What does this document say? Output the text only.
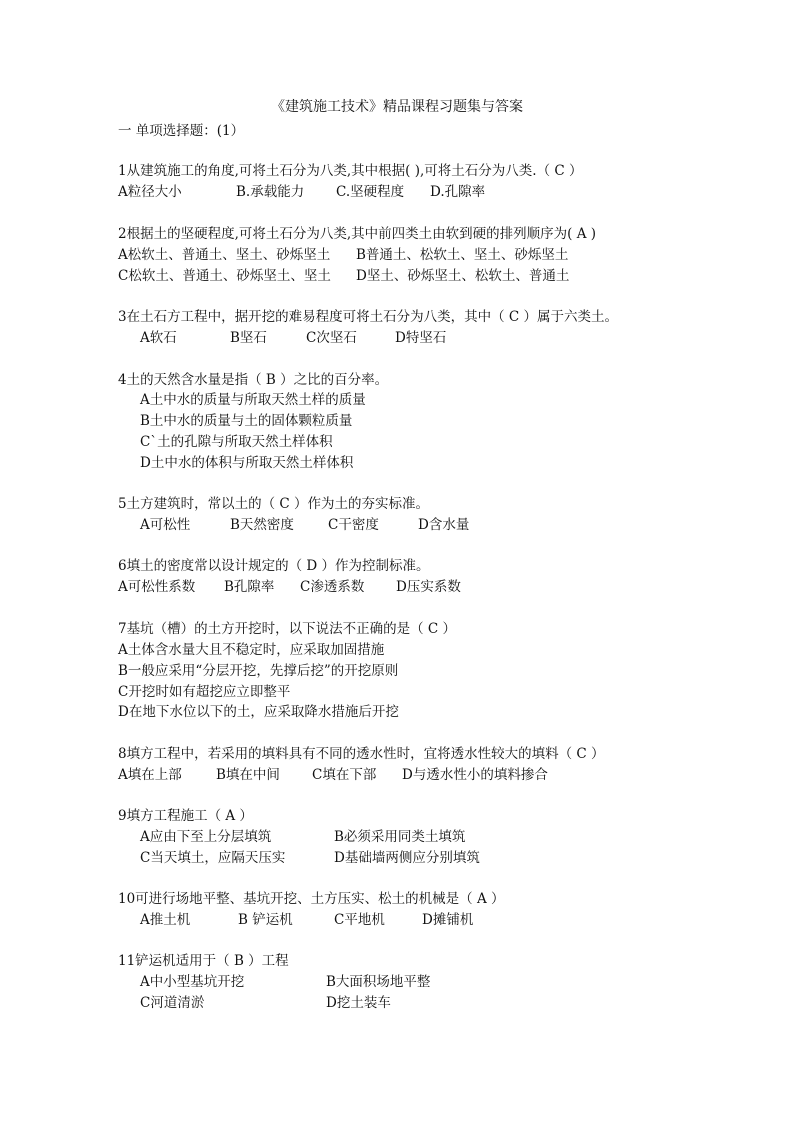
《建筑施工技术》精品课程习题集与答案
一 单项选择题：(1）
1从建筑施工的角度,可将土石分为八类,其中根据( ),可将土石分为八类.（ C ）
A粒径大小	B.承载能力 C.坚硬程度 D.孔隙率
2根据土的坚硬程度,可将土石分为八类,其中前四类土由软到硬的排列顺序为( A )
A松软土、普通土、坚土、砂烁坚土 B普通土、松软土、坚土、砂烁坚土
C松软土、普通土、砂烁坚土、坚土 D坚土、砂烁坚土、松软土、普通土
3在土石方工程中，据开挖的难易程度可将土石分为八类，其中（ C ）属于六类土。
A软石	B坚石	C次坚石	D特坚石
4土的天然含水量是指（ B ）之比的百分率。
A土中水的质量与所取天然土样的质量
B土中水的质量与土的固体颗粒质量
C`土的孔隙与所取天然土样体积
D土中水的体积与所取天然土样体积
5土方建筑时，常以土的（ C ）作为土的夯实标准。
A可松性	B天然密度	C干密度	D含水量
6填土的密度常以设计规定的（ D ）作为控制标准。
A可松性系数 B孔隙率 C渗透系数 D压实系数
7基坑（槽）的土方开挖时，以下说法不正确的是（ C ）
A土体含水量大且不稳定时，应采取加固措施
B一般应采用“分层开挖，先撑后挖”的开挖原则
C开挖时如有超挖应立即整平
D在地下水位以下的土，应采取降水措施后开挖
8填方工程中，若采用的填料具有不同的透水性时，宜将透水性较大的填料（ C ）
A填在上部	B填在中间 C填在下部 D与透水性小的填料掺合
9填方工程施工（ A ）
A应由下至上分层填筑	B必须采用同类土填筑
C当天填土，应隔天压实	D基础墙两侧应分别填筑
10可进行场地平整、基坑开挖、土方压实、松土的机械是（ A ）
A推土机	B 铲运机	C平地机	D摊铺机
11铲运机适用于（ B ）工程
A中小型基坑开挖	B大面积场地平整
C河道清淤	D挖土装车
